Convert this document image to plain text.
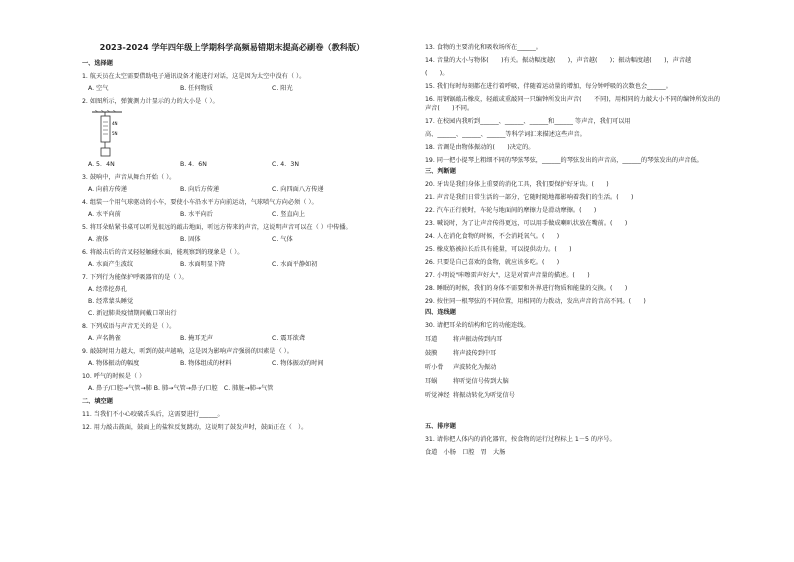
2023-2024 学年四年级上学期科学高频易错期末提高必刷卷（教科版）
一、选择题
1. 航天员在太空需要借助电子通讯设备才能进行对话，这是因为太空中没有（ ）。
A. 空气	B. 任何物质	C. 阳光
2. 如图所示，弹簧测力计显示的力的大小是（ ）。
4N
5N
A. 5．4N	B. 4．6N	C. 4．3N
3. 鼓响中，声音从舞台开始（ ）。
A. 向前方传递	B. 向后方传递	C. 向四面八方传递
4. 组装一个用气球驱动的小车，要使小车沿水平方向前运动，气球喷气方向必须（ ）。
A. 水平向前	B. 水平向后	C. 竖直向上
5. 将耳朵贴紧书桌可以听见很远的敲击地面，听远方传来的声音，这说明声音可以在（ ）中传播。
A. 液体	B. 固体	C. 气体
6. 将敲击后的音叉轻轻触碰水面，能观察到的现象是（ ）。
A. 水面产生波纹	B. 水面明显下降	C. 水面平静如初
7. 下列行为能保护呼吸器官的是（ ）。
A. 经常挖鼻孔
B. 经常蒙头睡觉
C. 新冠肺炎疫情期间戴口罩出行
8. 下列成语与声音无关的是（ ）。
A. 声名鹊雀	B. 掩耳无声	C. 震耳欲聋
9. 敲鼓时用力越大，听到的鼓声越响，这是因为影响声音强弱的因素是（ ）。
A. 物体振动的幅度	B. 物体组成的材料	C. 物体振动的时间
10. 呼气的时候是（ ）
A. 鼻子/口腔→气管→肺 B. 肺→气管→鼻子/口腔　C. 肺脏→肺→气管
二、填空题
11. 当我们不小心咬破舌头后，这需要进行______。
12. 用力敲击鼓面，鼓面上的盐粒反复跳动，这说明了鼓发声时，鼓面正在（　）。
13. 食物的主要消化和吸收场所在______。
14. 音量的大小与物体(　　)有关。振动幅度越(　　)，声音越(　　)；振动幅度越(　　)，声音越
(　　)。
15. 我们每时每刻都在进行着呼吸，伴随着运动量的增加，每分钟呼吸的次数也会______。
16. 用钢锯敲击橡皮，轻敲或重敲同一只编钟所发出声音(　　不同)，用相同的力敲大小不同的编钟所发出的声音(　　)不同。
17. 在校园内我听到______、______、______和______ 等声音，我们可以用
高、______、______、______等科学词汇来描述这些声音。
18. 音调是由物体振动的(　　)决定的。
19. 同一把小提琴上粗细不同的琴弦琴弦，______的琴弦发出的声音高，______的琴弦发出的声音低。
三、判断题
20. 牙齿是我们身体上重要的消化工具，我们要保护好牙齿。(　　)
21. 声音是我们日常生活的一部分，它随时随地都影响着我们的生活。(　　)
22. 汽车正行驶时，车轮与地面间的摩擦力是滑动摩擦。(　　)
23. 喊说时，为了让声音传得更远，可以用手做成喇叭状放在嘴前。(　　)
24. 人在消化食物的时候，不会消耗氧气。(　　)
25. 橡皮筋被拉长后具有能量，可以提供动力。(　　)
26. 只要是自己喜欢的食物，就应该多吃。(　　)
27. 小明说"咔嚓雷声好大"，这是对雷声音量的描述。(　　)
28. 睡眠的时候，我们的身体不需要和外界进行物质和能量的交换。(　　)
29. 按住同一根琴弦的不同位置，用相同的力拨动，发出声音的音高不同。(　　)
四、连线题
30. 请把耳朵的结构和它的功能连线。
耳道	将声振动传到内耳
鼓膜	将声波传到中耳
听小骨 声波转化为振动
耳蜗	将听觉信号传到大脑
听觉神经 将振动转化为听觉信号
五、排序题
31. 请你把人体内的消化器官，按食物的运行过程标上 1－5 的序号。
食道　小肠　口腔　胃　大肠
